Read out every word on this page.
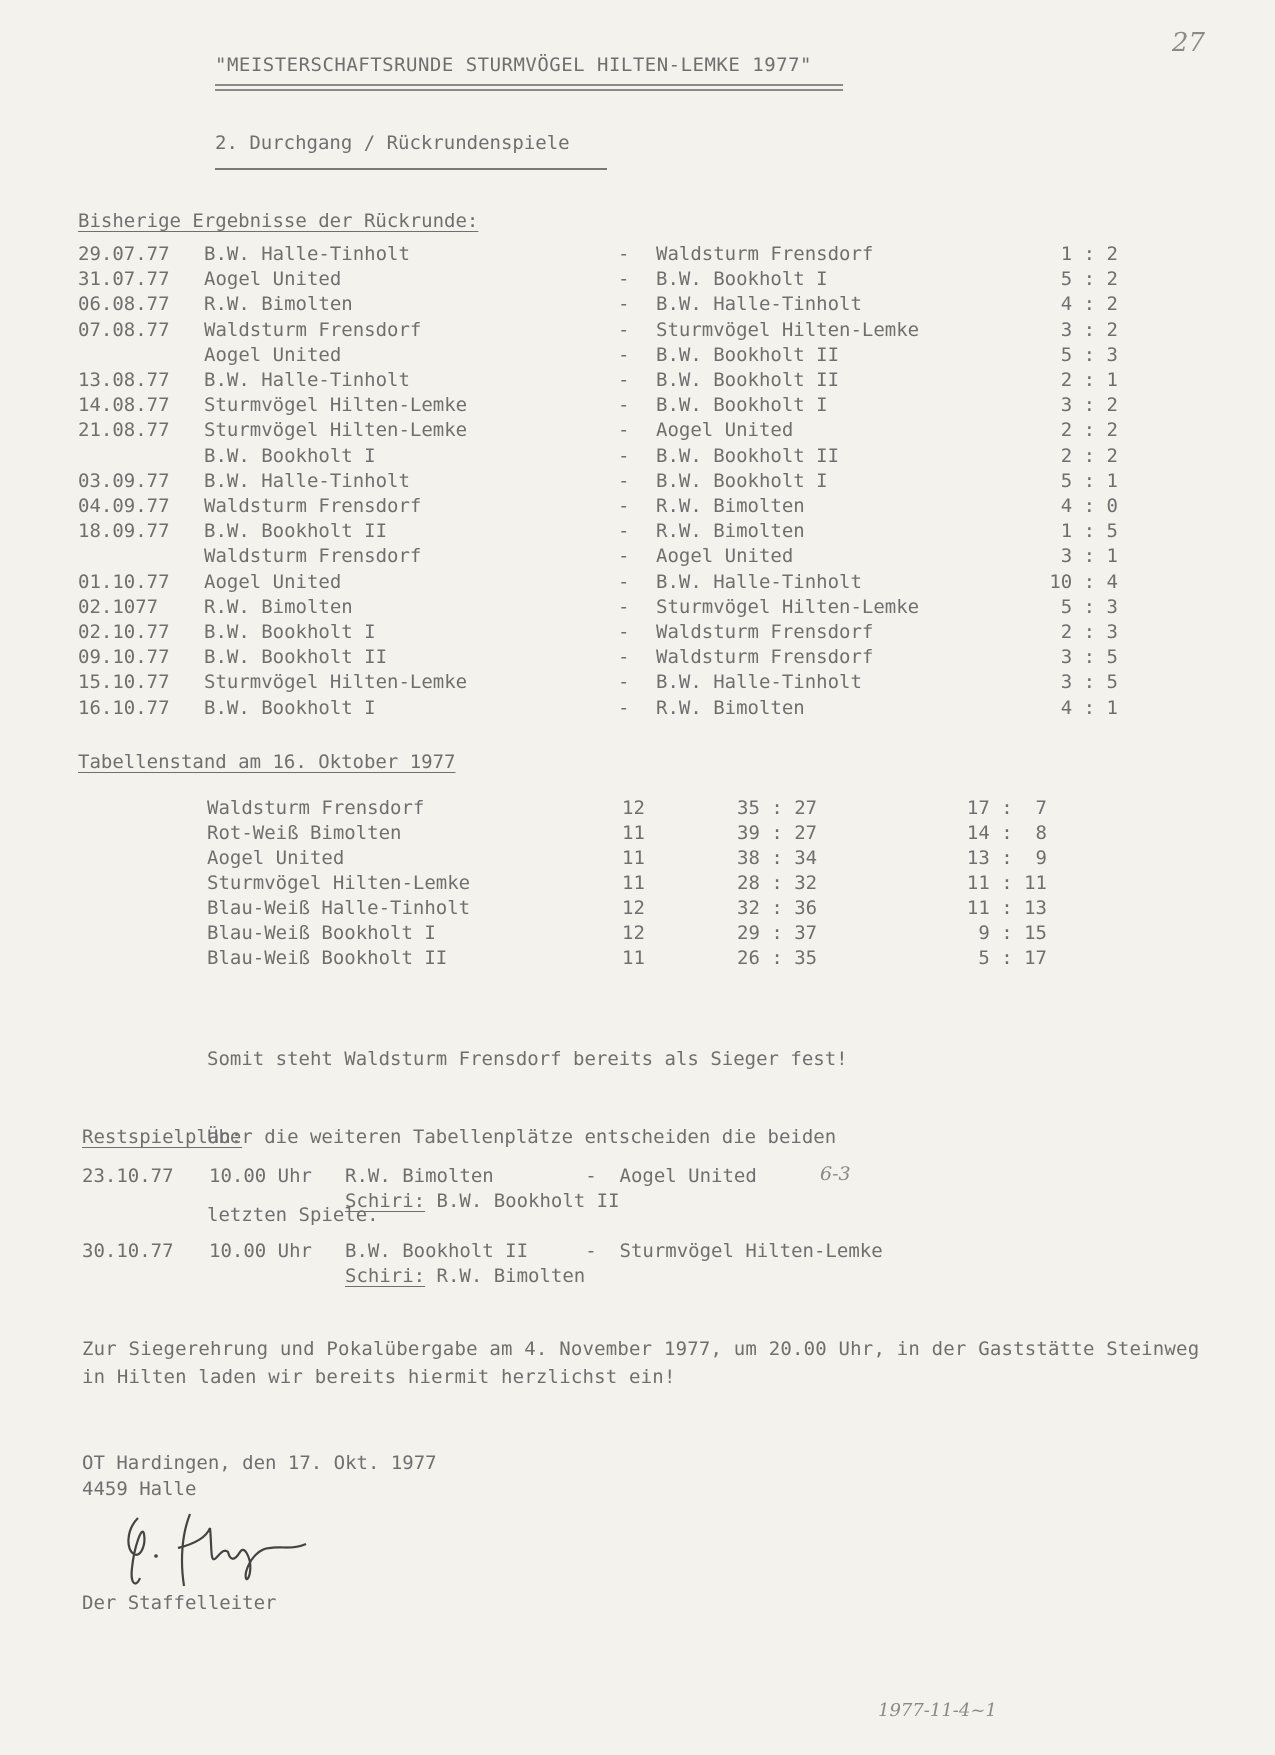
27
"MEISTERSCHAFTSRUNDE STURMVÖGEL HILTEN-LEMKE 1977"
2. Durchgang / Rückrundenspiele
Bisherige Ergebnisse der Rückrunde:
29.07.77 B.W. Halle-Tinholt	- Waldsturm Frensdorf	1 : 2
31.07.77 Aogel United	- B.W. Bookholt I	5 : 2
06.08.77 R.W. Bimolten	- B.W. Halle-Tinholt	4 : 2
07.08.77 Waldsturm Frensdorf	- Sturmvögel Hilten-Lemke	3 : 2
Aogel United	- B.W. Bookholt II	5 : 3
13.08.77 B.W. Halle-Tinholt	- B.W. Bookholt II	2 : 1
14.08.77 Sturmvögel Hilten-Lemke	- B.W. Bookholt I	3 : 2
21.08.77 Sturmvögel Hilten-Lemke	- Aogel United	2 : 2
B.W. Bookholt I	- B.W. Bookholt II	2 : 2
03.09.77 B.W. Halle-Tinholt	- B.W. Bookholt I	5 : 1
04.09.77 Waldsturm Frensdorf	- R.W. Bimolten	4 : 0
18.09.77 B.W. Bookholt II	- R.W. Bimolten	1 : 5
Waldsturm Frensdorf	- Aogel United	3 : 1
01.10.77 Aogel United	- B.W. Halle-Tinholt	10 : 4
02.1077 R.W. Bimolten	- Sturmvögel Hilten-Lemke	5 : 3
02.10.77 B.W. Bookholt I	- Waldsturm Frensdorf	2 : 3
09.10.77 B.W. Bookholt II	- Waldsturm Frensdorf	3 : 5
15.10.77 Sturmvögel Hilten-Lemke	- B.W. Halle-Tinholt	3 : 5
16.10.77 B.W. Bookholt I	- R.W. Bimolten	4 : 1
Tabellenstand am 16. Oktober 1977
Waldsturm Frensdorf	12	35 : 27	17 :  7
Rot-Weiß Bimolten	11	39 : 27	14 :  8
Aogel United	11	38 : 34	13 :  9
Sturmvögel Hilten-Lemke	11	28 : 32	11 : 11
Blau-Weiß Halle-Tinholt	12	32 : 36	11 : 13
Blau-Weiß Bookholt I	12	29 : 37	9 : 15
Blau-Weiß Bookholt II	11	26 : 35	5 : 17

Somit steht Waldsturm Frensdorf bereits als Sieger fest!

Über die weiteren Tabellenplätze entscheiden die beiden

letzten Spiele.

Restspielplan:
23.10.77 10.00 Uhr R.W. Bimolten        -  Aogel United	6-3
Schiri: B.W. Bookholt II
30.10.77 10.00 Uhr B.W. Bookholt II     -  Sturmvögel Hilten-Lemke
Schiri: R.W. Bimolten
Zur Siegerehrung und Pokalübergabe am 4. November 1977, um 20.00 Uhr, in der Gaststätte Steinweg in Hilten laden wir bereits hiermit herzlichst ein!
OT Hardingen, den 17. Okt. 1977
4459 Halle
Der Staffelleiter
1977-11-4~1
